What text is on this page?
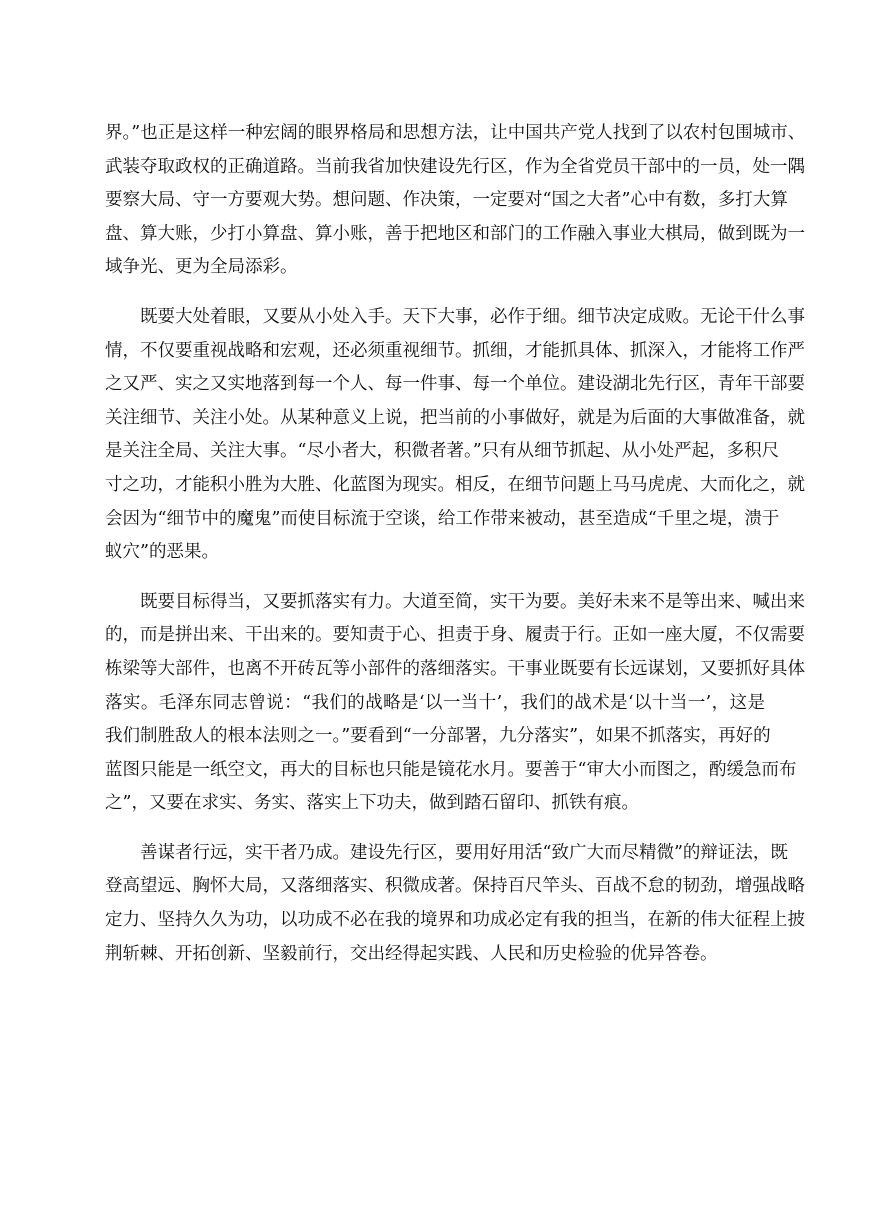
界。”也正是这样一种宏阔的眼界格局和思想方法，让中国共产党人找到了以农村包围城市、
武装夺取政权的正确道路。当前我省加快建设先行区，作为全省党员干部中的一员，处一隅
要察大局、守一方要观大势。想问题、作决策，一定要对“国之大者”心中有数，多打大算
盘、算大账，少打小算盘、算小账，善于把地区和部门的工作融入事业大棋局，做到既为一
域争光、更为全局添彩。
既要大处着眼，又要从小处入手。天下大事，必作于细。细节决定成败。无论干什么事
情，不仅要重视战略和宏观，还必须重视细节。抓细，才能抓具体、抓深入，才能将工作严
之又严、实之又实地落到每一个人、每一件事、每一个单位。建设湖北先行区，青年干部要
关注细节、关注小处。从某种意义上说，把当前的小事做好，就是为后面的大事做准备，就
是关注全局、关注大事。“尽小者大，积微者著。”只有从细节抓起、从小处严起，多积尺
寸之功，才能积小胜为大胜、化蓝图为现实。相反，在细节问题上马马虎虎、大而化之，就
会因为“细节中的魔鬼”而使目标流于空谈，给工作带来被动，甚至造成“千里之堤，溃于
蚁穴”的恶果。
既要目标得当，又要抓落实有力。大道至简，实干为要。美好未来不是等出来、喊出来
的，而是拼出来、干出来的。要知责于心、担责于身、履责于行。正如一座大厦，不仅需要
栋梁等大部件，也离不开砖瓦等小部件的落细落实。干事业既要有长远谋划，又要抓好具体
落实。毛泽东同志曾说：“我们的战略是‘以一当十’，我们的战术是‘以十当一’，这是
我们制胜敌人的根本法则之一。”要看到“一分部署，九分落实”，如果不抓落实，再好的
蓝图只能是一纸空文，再大的目标也只能是镜花水月。要善于“审大小而图之，酌缓急而布
之”，又要在求实、务实、落实上下功夫，做到踏石留印、抓铁有痕。
善谋者行远，实干者乃成。建设先行区，要用好用活“致广大而尽精微”的辩证法，既
登高望远、胸怀大局，又落细落实、积微成著。保持百尺竿头、百战不怠的韧劲，增强战略
定力、坚持久久为功，以功成不必在我的境界和功成必定有我的担当，在新的伟大征程上披
荆斩棘、开拓创新、坚毅前行，交出经得起实践、人民和历史检验的优异答卷。
